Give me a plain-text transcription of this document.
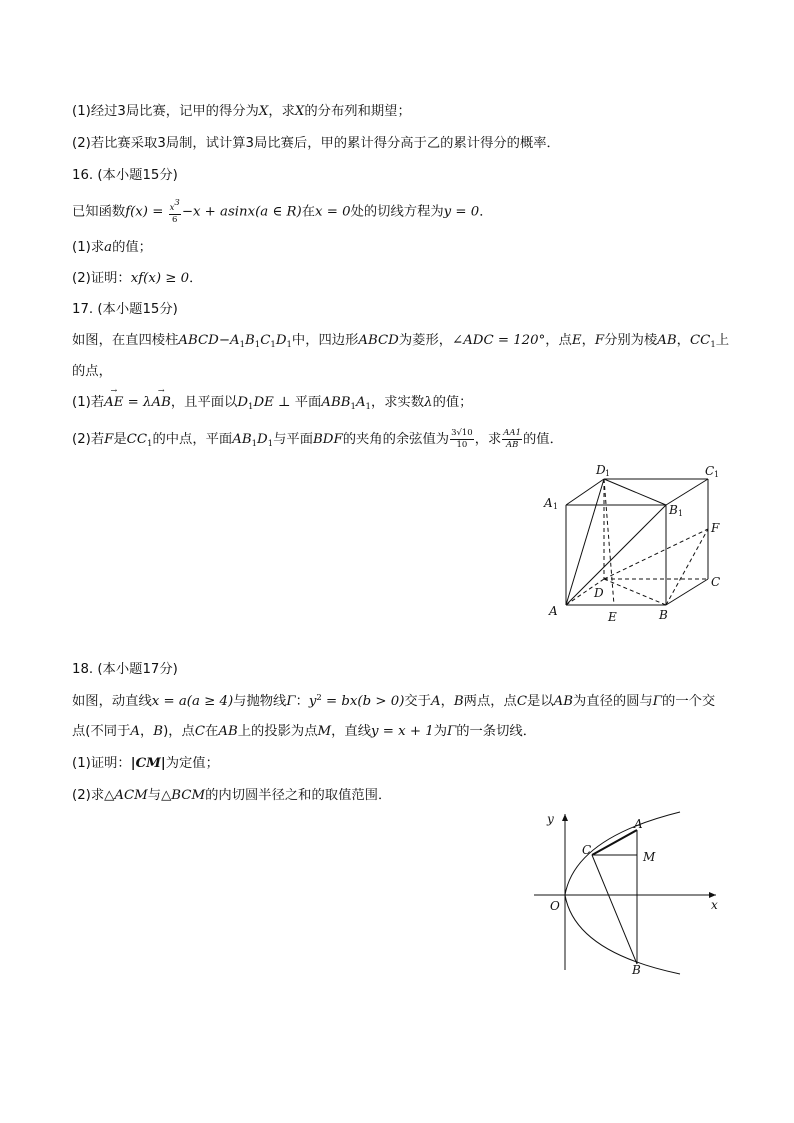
(1)经过3局比赛，记甲的得分为X，求X的分布列和期望；
(2)若比赛采取3局制，试计算3局比赛后，甲的累计得分高于乙的累计得分的概率．
16. (本小题15分)
已知函数$f(x) = \frac{x^3}{6} -x + asinx(a$ ∈ R)在x = 0处的切线方程为y = 0．
(1)求a的值；
(2)证明：xf(x) ≥ 0．
17. (本小题15分)
如图，在直四棱柱$ABCD-A_1B_1C_1D_1$中，四边形ABCD为菱形，∠ADC = 120°，点E，F分别为棱AB，$CC_1$上
的点，
(1)若→ AE = λ→ AB，且平面以$D_1DE$ ⊥ 平面$ABB_1A_1$，求实数λ的值；
(2)若F是$CC_1$的中点，平面$AB_1D_1$与平面BDF的夹角的余弦值为 $\frac{3√10}{10}$ ，求 $\frac{AA1}{AB}$ 的值．
D 1	C 1
A 1	B 1
F
C
D
A	E	B
18. (本小题17分)
如图，动直线x = a(a ≥ 4)与抛物线Γ：$y^2 = bx(b > 0)$交于A，B两点，点C是以AB为直径的圆与Γ的一个交
点(不同于A，B)，点C在AB上的投影为点M，直线y = x + 1为Γ的一条切线．
(1)证明：|CM|为定值；
(2)求△ACM与△BCM的内切圆半径之和的取值范围．
y
x
O
A
C	M
B
